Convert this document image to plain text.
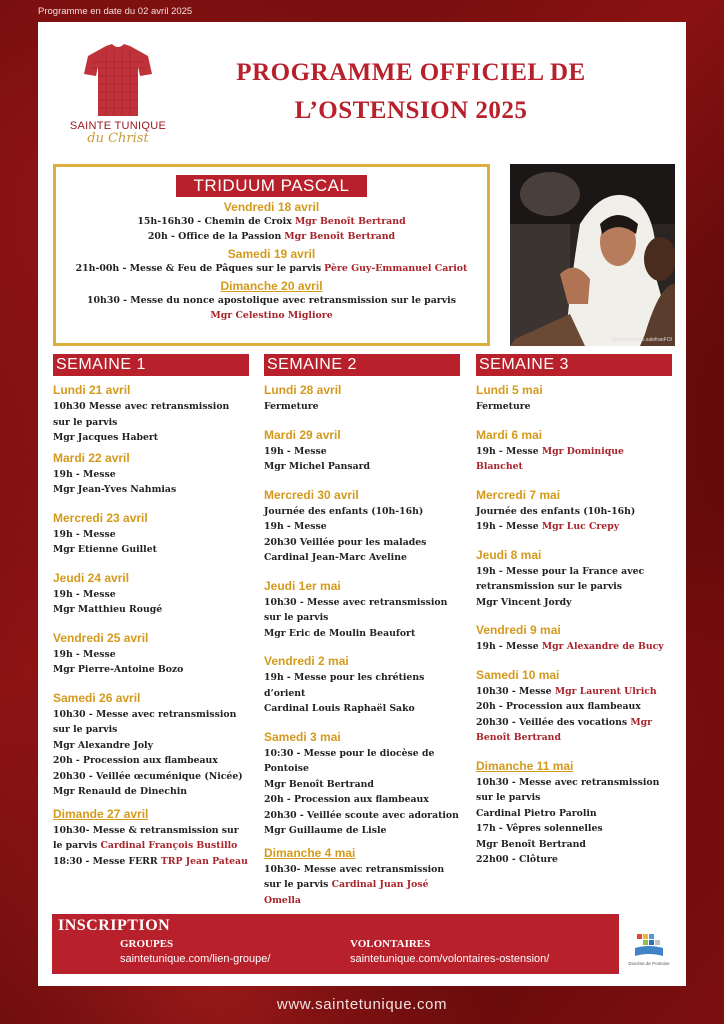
Programme en date du 02 avril 2025
SAINTE TUNIQUE
du Christ
PROGRAMME OFFICIEL DE
L’OSTENSION 2025
TRIDUUM PASCAL
Vendredi 18 avril
15h-16h30 - Chemin de Croix Mgr Benoît Bertrand
20h - Office de la Passion Mgr Benoît Bertrand
Samedi 19 avril
21h-00h - Messe & Feu de Pâques sur le parvis Père Guy-Emmanuel Cariot
Dimanche 20 avril
10h30 - Messe du nonce apostolique avec retransmission sur le parvis
Mgr Celestino Migliore
@françoisrégis.salefranFOI
SEMAINE 1
Lundi 21 avril
10h30 Messe avec retransmission sur le parvis
Mgr Jacques Habert
Mardi 22 avril
19h - Messe
Mgr Jean-Yves Nahmias
Mercredi 23 avril
19h - Messe
Mgr Etienne Guillet
Jeudi 24 avril
19h - Messe
Mgr Matthieu Rougé
Vendredi 25 avril
19h - Messe
Mgr Pierre-Antoine Bozo
Samedi 26 avril
10h30 - Messe avec retransmission sur le parvis
Mgr Alexandre Joly
20h - Procession aux flambeaux
20h30 - Veillée œcuménique (Nicée)
Mgr Renauld de Dinechin
Dimande 27 avril
10h30- Messe & retransmission sur le parvis Cardinal François Bustillo
18:30 - Messe FERR TRP Jean Pateau
SEMAINE 2
Lundi 28 avril
Fermeture
Mardi 29 avril
19h - Messe
Mgr Michel Pansard
Mercredi 30 avril
Journée des enfants (10h-16h)
19h - Messe
20h30 Veillée pour les malades
Cardinal Jean-Marc Aveline
Jeudi 1er mai
10h30 - Messe avec retransmission sur le parvis
Mgr Eric de Moulin Beaufort
Vendredi 2 mai
19h - Messe pour les chrétiens d’orient
Cardinal Louis Raphaël Sako
Samedi 3 mai
10:30 - Messe pour le diocèse de Pontoise
Mgr Benoît Bertrand
20h - Procession aux flambeaux
20h30 - Veillée scoute avec adoration
Mgr Guillaume de Lisle
Dimanche 4 mai
10h30- Messe avec retransmission sur le parvis Cardinal Juan José Omella
SEMAINE 3
Lundi 5 mai
Fermeture
Mardi 6 mai
19h - Messe Mgr Dominique Blanchet
Mercredi 7 mai
Journée des enfants (10h-16h)
19h - Messe Mgr Luc Crepy
Jeudi 8 mai
19h - Messe pour la France avec retransmission sur le parvis
Mgr Vincent Jordy
Vendredi 9 mai
19h - Messe Mgr Alexandre de Bucy
Samedi 10 mai
10h30 - Messe Mgr Laurent Ulrich
20h - Procession aux flambeaux
20h30 - Veillée des vocations Mgr Benoît Bertrand
Dimanche 11 mai
10h30 - Messe avec retransmission sur le parvis
Cardinal Pietro Parolin
17h - Vêpres solennelles
Mgr Benoît Bertrand
22h00 - Clôture
INSCRIPTION
GROUPES
saintetunique.com/lien-groupe/
VOLONTAIRES
saintetunique.com/volontaires-ostension/	Diocèse de Pontoise
www.saintetunique.com
